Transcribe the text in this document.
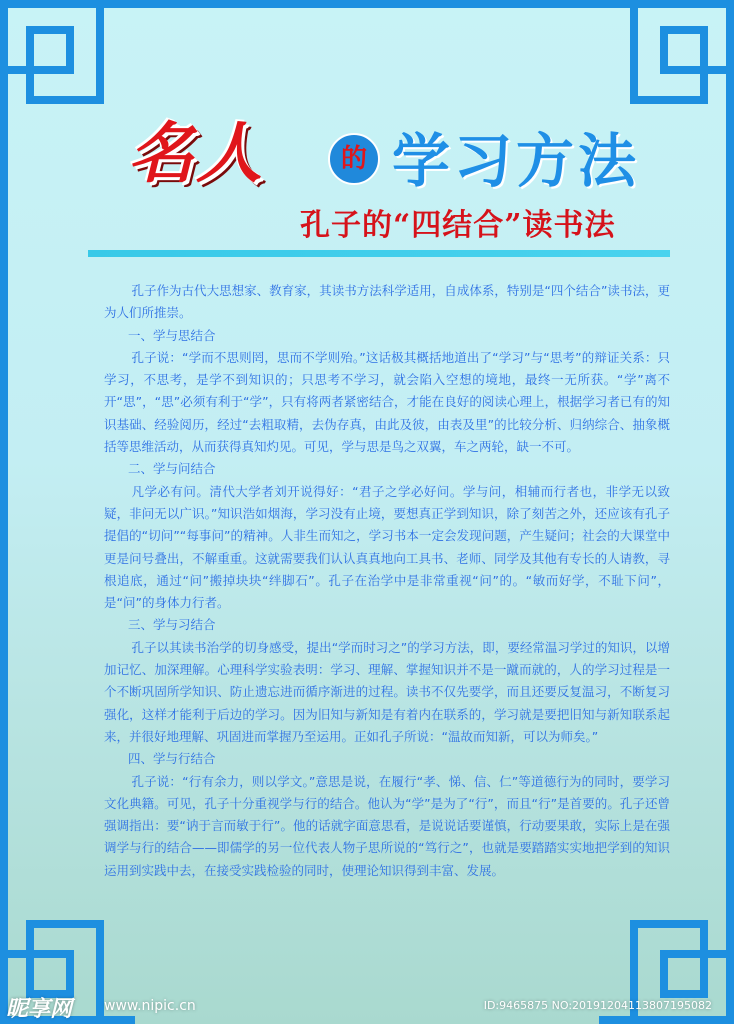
名人	的 学习方法
孔子的“四结合”读书法

孔子作为古代大思想家、教育家，其读书方法科学适用，自成体系，特别是“四个结合”读书法，更为人们所推崇。

一、学与思结合

孔子说：“学而不思则罔，思而不学则殆。”这话极其概括地道出了“学习”与“思考”的辩证关系：只学习，不思考，是学不到知识的；只思考不学习，就会陷入空想的境地，最终一无所获。“学”离不开“思”，“思”必须有利于“学”，只有将两者紧密结合，才能在良好的阅读心理上，根据学习者已有的知识基础、经验阅历，经过“去粗取精，去伪存真，由此及彼，由表及里”的比较分析、归纳综合、抽象概括等思维活动，从而获得真知灼见。可见，学与思是鸟之双翼，车之两轮，缺一不可。

二、学与问结合

凡学必有问。清代大学者刘开说得好：“君子之学必好问。学与问，相辅而行者也，非学无以致疑，非问无以广识。”知识浩如烟海，学习没有止境，要想真正学到知识，除了刻苦之外，还应该有孔子提倡的“切问”“每事问”的精神。人非生而知之，学习书本一定会发现问题，产生疑问；社会的大课堂中更是问号叠出，不解重重。这就需要我们认认真真地向工具书、老师、同学及其他有专长的人请教，寻根追底，通过“问”搬掉块块“绊脚石”。孔子在治学中是非常重视“问”的。“敏而好学，不耻下问”，是“问”的身体力行者。

三、学与习结合

孔子以其读书治学的切身感受，提出“学而时习之”的学习方法，即，要经常温习学过的知识，以增加记忆、加深理解。心理科学实验表明：学习、理解、掌握知识并不是一蹴而就的，人的学习过程是一个不断巩固所学知识、防止遗忘进而循序渐进的过程。读书不仅先要学，而且还要反复温习，不断复习强化，这样才能利于后边的学习。因为旧知与新知是有着内在联系的，学习就是要把旧知与新知联系起来，并很好地理解、巩固进而掌握乃至运用。正如孔子所说：“温故而知新，可以为师矣。”

四、学与行结合

孔子说：“行有余力，则以学文。”意思是说，在履行“孝、悌、信、仁”等道德行为的同时，要学习文化典籍。可见，孔子十分重视学与行的结合。他认为“学”是为了“行”，而且“行”是首要的。孔子还曾强调指出：要“讷于言而敏于行”。他的话就字面意思看，是说说话要谨慎，行动要果敢，实际上是在强调学与行的结合——即儒学的另一位代表人物子思所说的“笃行之”，也就是要踏踏实实地把学到的知识运用到实践中去，在接受实践检验的同时，使理论知识得到丰富、发展。

昵享网 www.nipic.cn	ID:9465875 NO:20191204113807195082
